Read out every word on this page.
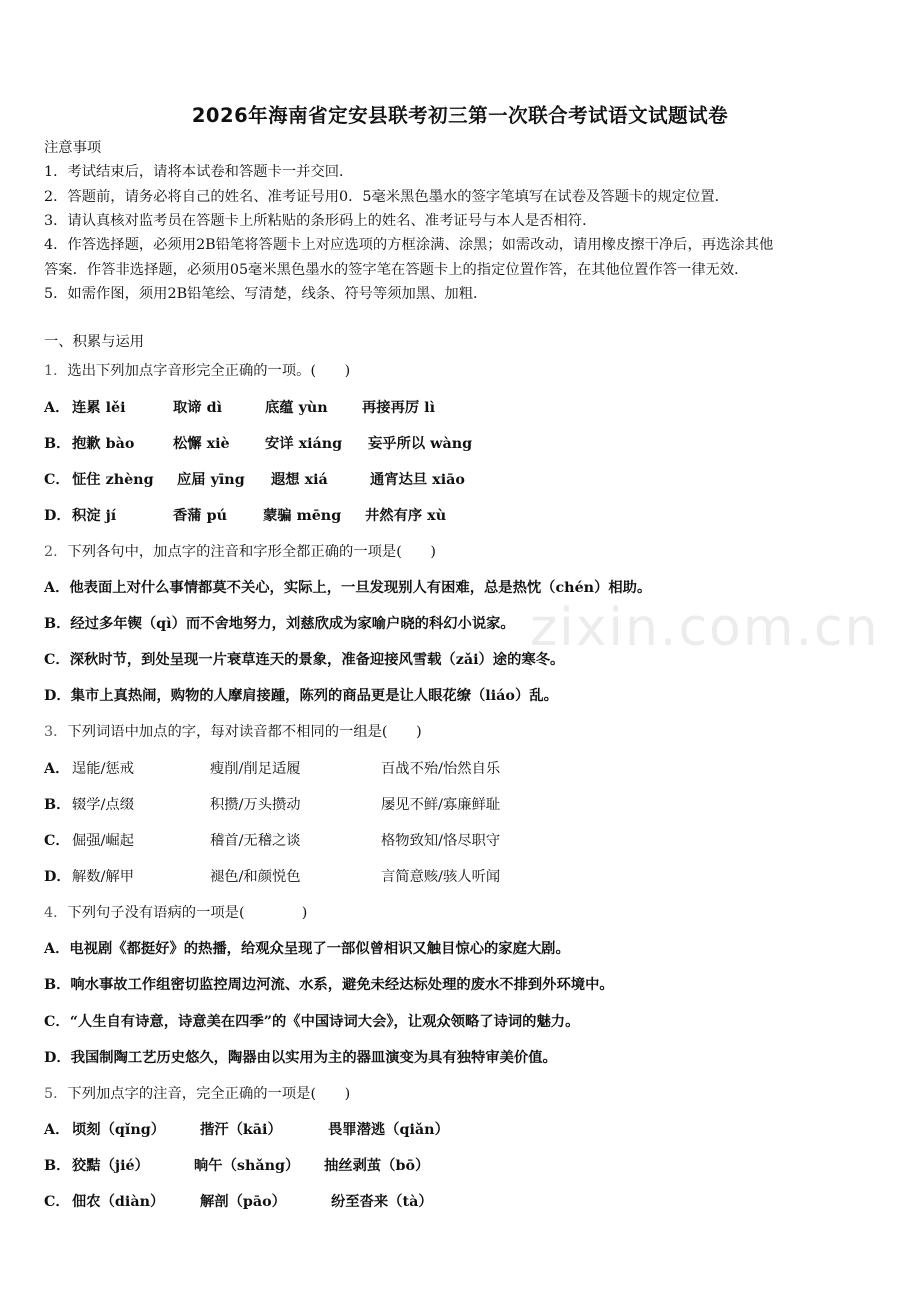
2026年海南省定安县联考初三第一次联合考试语文试题试卷
注意事项
1．考试结束后，请将本试卷和答题卡一并交回．
2．答题前，请务必将自己的姓名、准考证号用0．5毫米黑色墨水的签字笔填写在试卷及答题卡的规定位置．
3．请认真核对监考员在答题卡上所粘贴的条形码上的姓名、准考证号与本人是否相符．
4．作答选择题，必须用2B铅笔将答题卡上对应选项的方框涂满、涂黑；如需改动，请用橡皮擦干净后，再选涂其他
答案．作答非选择题，必须用05毫米黑色墨水的签字笔在答题卡上的指定位置作答，在其他位置作答一律无效．
5．如需作图，须用2B铅笔绘、写清楚，线条、符号等须加黑、加粗．
一、积累与运用
1．选出下列加点字音形完全正确的一项。(　　)
A． 连累 lěi	取谛 dì	底蕴 yùn 再接再厉 lì
B． 抱歉 bào	松懈 xiè 安详 xiáng 妄乎所以 wàng
C． 怔住 zhèng 应届 yīng 遐想 xiá	通宵达旦 xiāo
D． 积淀 jí	香蒲 pú	蒙骗 mēng 井然有序 xù
2．下列各句中，加点字的注音和字形全都正确的一项是(　　)
A．他表面上对什么事情都莫不关心，实际上，一旦发现别人有困难，总是热忱（chén）相助。
B．经过多年锲（qì）而不舍地努力，刘慈欣成为家喻户晓的科幻小说家。
C．深秋时节，到处呈现一片衰草连天的景象，准备迎接风雪载（zǎi）途的寒冬。
D．集市上真热闹，购物的人摩肩接踵，陈列的商品更是让人眼花缭（liáo）乱。
3．下列词语中加点的字，每对读音都不相同的一组是(　　)
A． 逞能/惩戒	瘦削/削足适履	百战不殆/怡然自乐
B． 辍学/点缀	积攒/万头攒动	屡见不鲜/寡廉鲜耻
C． 倔强/崛起	稽首/无稽之谈	格物致知/恪尽职守
D． 解数/解甲	褪色/和颜悦色	言简意赅/骇人听闻
4．下列句子没有语病的一项是(　　　　)
A．电视剧《都挺好》的热播，给观众呈现了一部似曾相识又触目惊心的家庭大剧。
B．响水事故工作组密切监控周边河流、水系，避免未经达标处理的废水不排到外环境中。
C．“人生自有诗意，诗意美在四季”的《中国诗词大会》，让观众领略了诗词的魅力。
D．我国制陶工艺历史悠久，陶器由以实用为主的器皿演变为具有独特审美价值。
5．下列加点字的注音，完全正确的一项是(　　)
A． 顷刻（qǐng） 揩汗（kāi）	畏罪潜逃（qiǎn）
B． 狡黠（jié）	晌午（shǎng） 抽丝剥茧（bō）
C． 佃农（diàn） 解剖（pāo）	纷至沓来（tà）
zixin.com.cn
